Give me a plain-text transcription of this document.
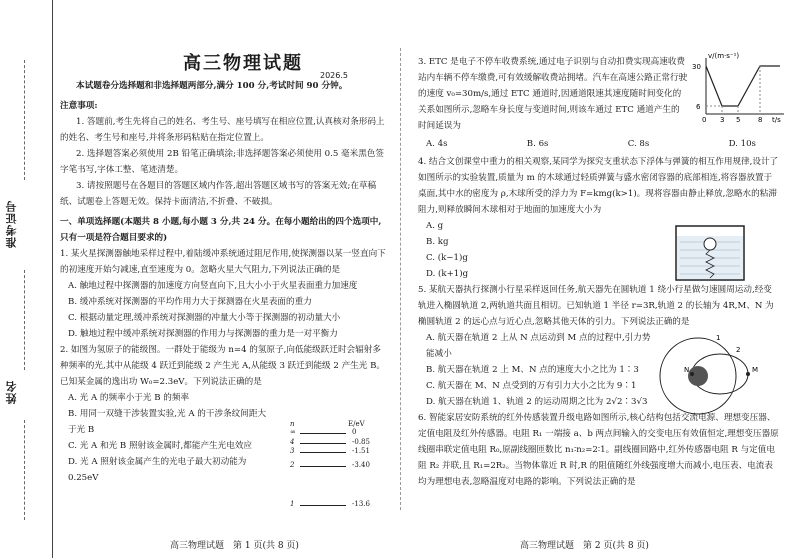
准考证号
姓名
高三物理试题
2026.5

本试题卷分选择题和非选择题两部分,满分 100 分,考试时间 90 分钟。

注意事项:

1. 答题前,考生先将自己的姓名、考生号、座号填写在相应位置,认真核对条形码上的姓名、考生号和座号,并将条形码粘贴在指定位置上。

2. 选择题答案必须使用 2B 铅笔正确填涂;非选择题答案必须使用 0.5 毫米黑色签字笔书写,字体工整、笔迹清楚。

3. 请按照题号在各题目的答题区域内作答,超出答题区域书写的答案无效;在草稿纸、试题卷上答题无效。保持卡面清洁,不折叠、不破损。

一、单项选择题(本题共 8 小题,每小题 3 分,共 24 分。在每小题给出的四个选项中,只有一项是符合题目要求的)

1. 某火星探测器触地采样过程中,着陆缓冲系统通过阻尼作用,使探测器以某一竖直向下的初速度开始匀减速,直至速度为 0。忽略火星大气阻力,下列说法正确的是

A. 触地过程中探测器的加速度方向竖直向下,且大小小于火星表面重力加速度

B. 缓冲系统对探测器的平均作用力大于探测器在火星表面的重力

C. 根据动量定理,缓冲系统对探测器的冲量大小等于探测器的初动量大小

D. 触地过程中缓冲系统对探测器的作用力与探测器的重力是一对平衡力

2. 如图为氢原子的能级图。一群处于能级为 n=4 的氢原子,向低能级跃迁时会辐射多种频率的光,其中从能级 4 跃迁到能级 2 产生光 A,从能级 3 跃迁到能级 2 产生光 B。已知某金属的逸出功 W₀=2.3eV。下列说法正确的是

A. 光 A 的频率小于光 B 的频率

B. 用同一双缝干涉装置实验,光 A 的干涉条纹间距大于光 B

C. 光 A 和光 B 照射该金属时,都能产生光电效应

D. 光 A 照射该金属产生的光电子最大初动能为 0.25eV

n	E/eV
∞	0
4	-0.85
3	-1.51
2	-3.40
1	-13.6

3. ETC 是电子不停车收费系统,通过电子识别与自动扣费实现高速收费站内车辆不停车缴费,可有效缓解收费站拥堵。汽车在高速公路正常行驶的速度 v₀=30m/s,通过 ETC 通道时,因通道限速其速度随时间变化的关系如图所示,忽略车身长度与变道时间,则该车通过 ETC 通道产生的时间延误为

A. 4s	B. 6s	C. 8s	D. 10s

4. 结合文创课堂中重力的相关观察,某同学为探究支重状态下浮体与弹簧的相互作用规律,设计了如图所示的实验装置,质量为 m 的木球通过轻质弹簧与盛水密闭容器的底部相连,将容器放置于桌面,其中水的密度为 ρ,木球所受的浮力为 F=kmg(k>1)。现将容器由静止释放,忽略水的粘滞阻力,则释放瞬间木球相对于地面的加速度大小为

A. g

B. kg

C. (k−1)g

D. (k+1)g

5. 某航天器执行探测小行星采样返回任务,航天器先在圆轨道 1 绕小行星做匀速圆周运动,经变轨进入椭圆轨道 2,两轨道共面且相切。已知轨道 1 半径 r=3R,轨道 2 的长轴为 4R,M、N 为椭圆轨道 2 的远心点与近心点,忽略其他天体的引力。下列说法正确的是

A. 航天器在轨道 2 上从 N 点运动到 M 点的过程中,引力势能减小

B. 航天器在轨道 2 上 M、N 点的速度大小之比为 1∶3

C. 航天器在 M、N 点受到的万有引力大小之比为 9∶1

D. 航天器在轨道 1、轨道 2 的运动周期之比为 2√2∶3√3

6. 智能家居安防系统的红外传感装置升级电路如图所示,核心结构包括交流电源、理想变压器、定值电阻及红外传感器。电阻 R₁ 一端接 a、b 两点间输入的交变电压有效值恒定,理想变压器原线圈串联定值电阻 R₀,原副线圈匝数比 n₁∶n₂=2∶1。副线圈回路中,红外传感器电阻 R 与定值电阻 R₂ 并联,且 R₁=2R₂。当物体靠近 R 时,R 的阻值随红外线强度增大而减小,电压表、电流表均为理想电表,忽略温度对电路的影响。下列说法正确的是

v/(m·s⁻¹)
t/s
30
6
0 3 5	8
1
2
M
N
高三物理试题　第 1 页(共 8 页)	高三物理试题　第 2 页(共 8 页)
